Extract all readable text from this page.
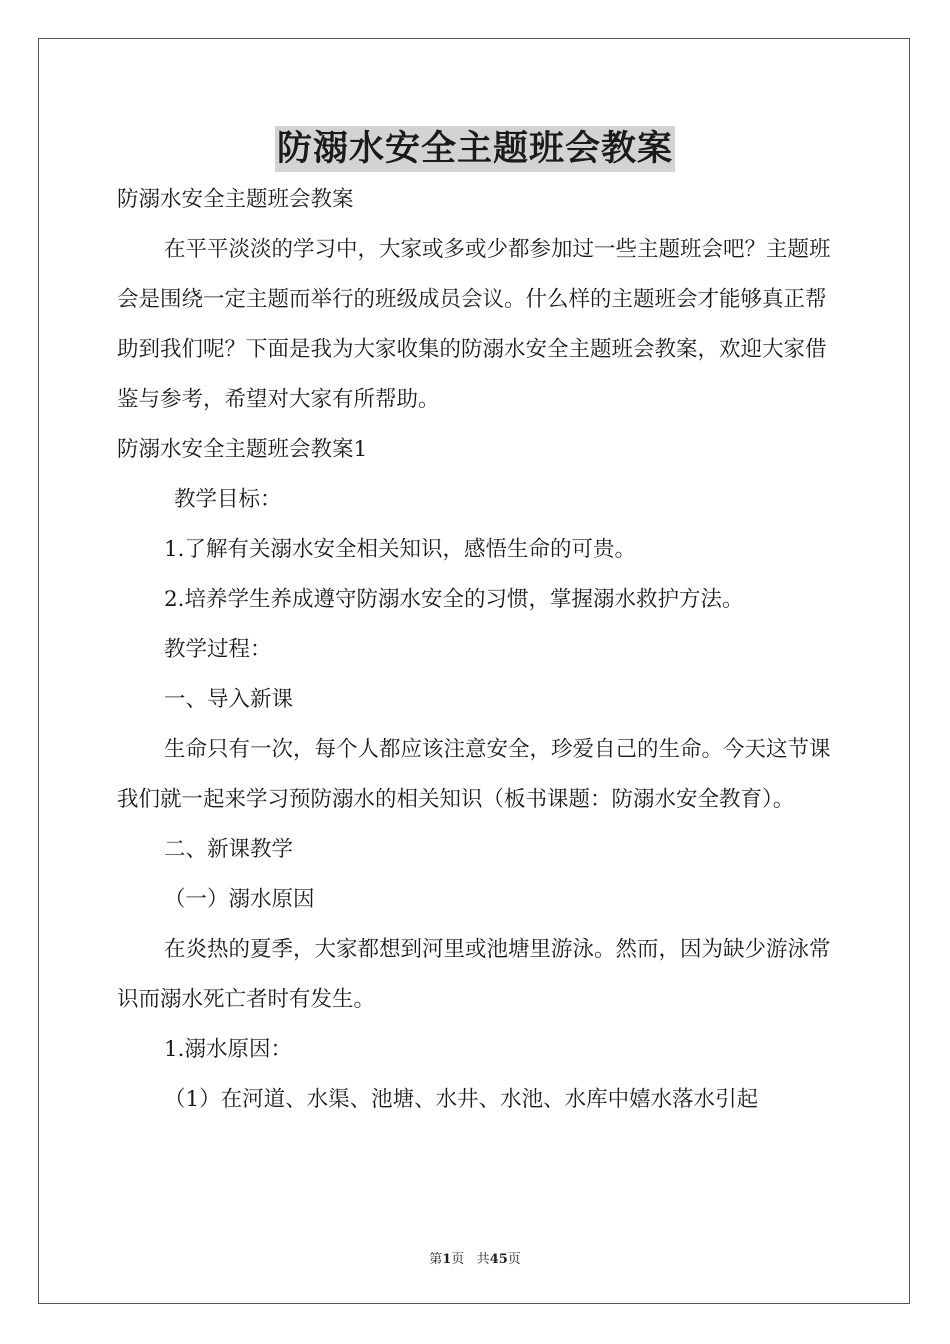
防溺水安全主题班会教案

防溺水安全主题班会教案

在平平淡淡的学习中，大家或多或少都参加过一些主题班会吧？主题班会是围绕一定主题而举行的班级成员会议。什么样的主题班会才能够真正帮助到我们呢？下面是我为大家收集的防溺水安全主题班会教案，欢迎大家借鉴与参考，希望对大家有所帮助。

防溺水安全主题班会教案1

教学目标：

1.了解有关溺水安全相关知识，感悟生命的可贵。

2.培养学生养成遵守防溺水安全的习惯，掌握溺水救护方法。

教学过程：

一、导入新课

生命只有一次，每个人都应该注意安全，珍爱自己的生命。今天这节课我们就一起来学习预防溺水的相关知识（板书课题：防溺水安全教育）。

二、新课教学

（一）溺水原因

在炎热的夏季，大家都想到河里或池塘里游泳。然而，因为缺少游泳常识而溺水死亡者时有发生。

1.溺水原因：

（1）在河道、水渠、池塘、水井、水池、水库中嬉水落水引起

第1页 共45页
